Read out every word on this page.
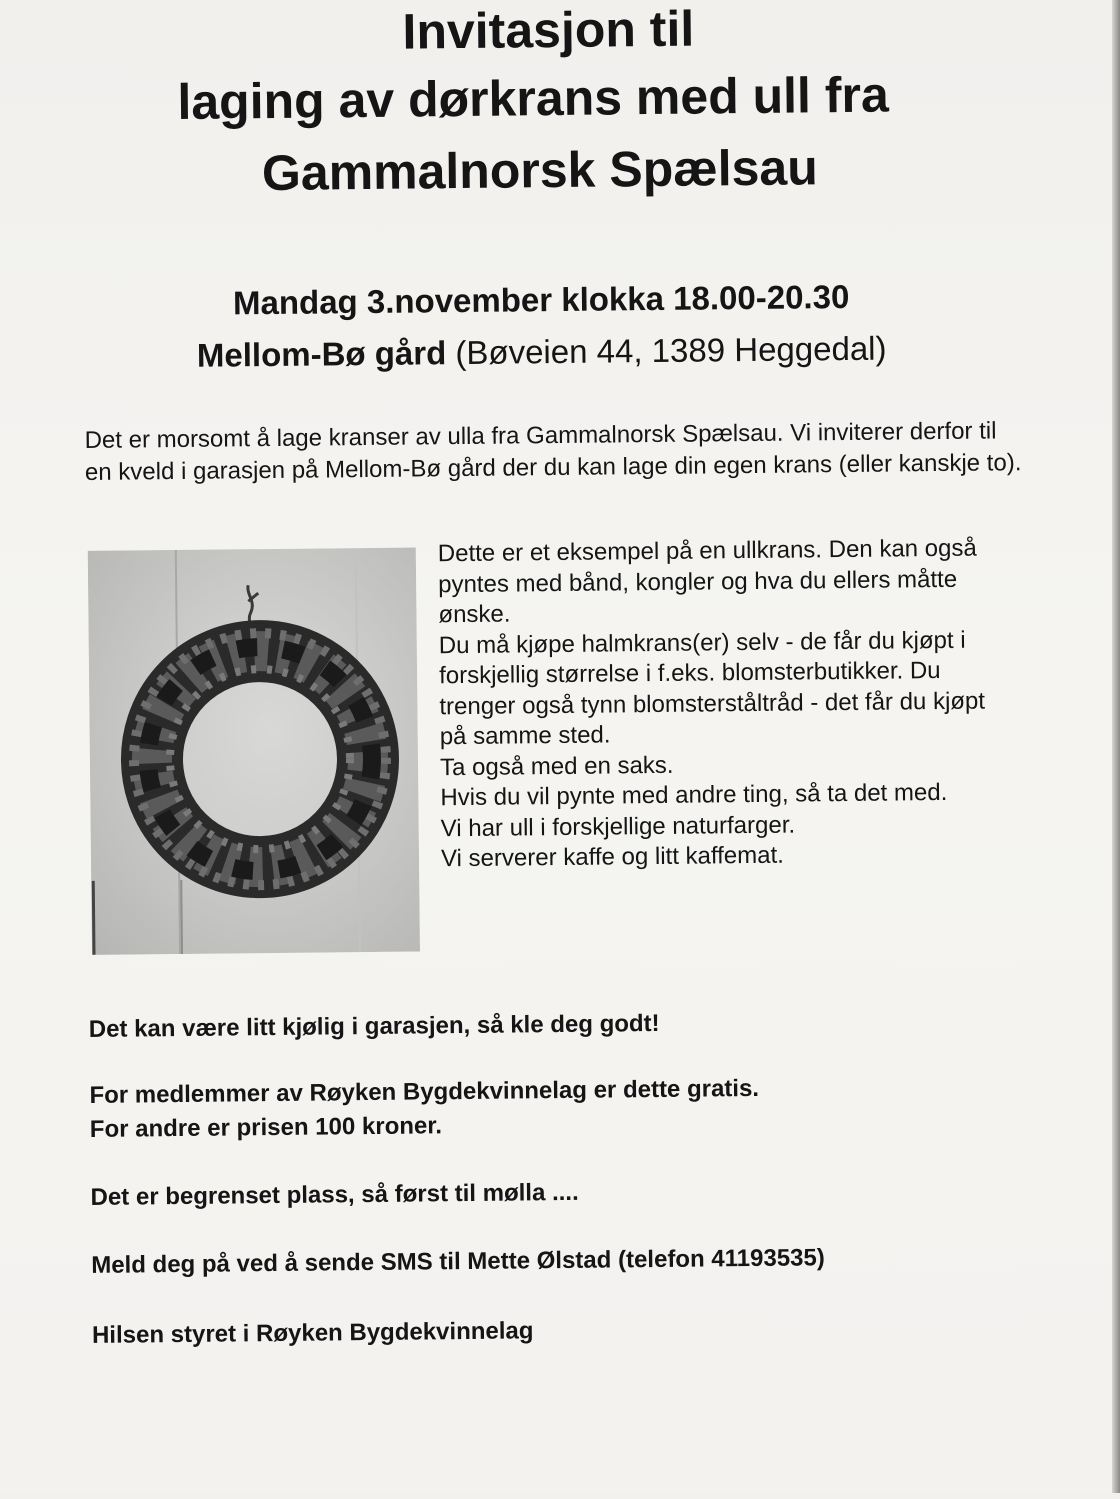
Invitasjon til
laging av dørkrans med ull fra
Gammalnorsk Spælsau

Mandag 3.november klokka 18.00-20.30

Mellom-Bø gård (Bøveien 44, 1389 Heggedal)

Det er morsomt å lage kranser av ulla fra Gammalnorsk Spælsau. Vi inviterer derfor til en kveld i garasjen på Mellom-Bø gård der du kan lage din egen krans (eller kanskje to).

Dette er et eksempel på en ullkrans. Den kan også pyntes med bånd, kongler og hva du ellers måtte ønske.

Du må kjøpe halmkrans(er) selv - de får du kjøpt i forskjellig størrelse i f.eks. blomsterbutikker. Du trenger også tynn blomsterståltråd - det får du kjøpt på samme sted.

Ta også med en saks.

Hvis du vil pynte med andre ting, så ta det med.

Vi har ull i forskjellige naturfarger.

Vi serverer kaffe og litt kaffemat.

Det kan være litt kjølig i garasjen, så kle deg godt!

For medlemmer av Røyken Bygdekvinnelag er dette gratis.

For andre er prisen 100 kroner.

Det er begrenset plass, så først til mølla ....

Meld deg på ved å sende SMS til Mette Ølstad (telefon 41193535)

Hilsen styret i Røyken Bygdekvinnelag
